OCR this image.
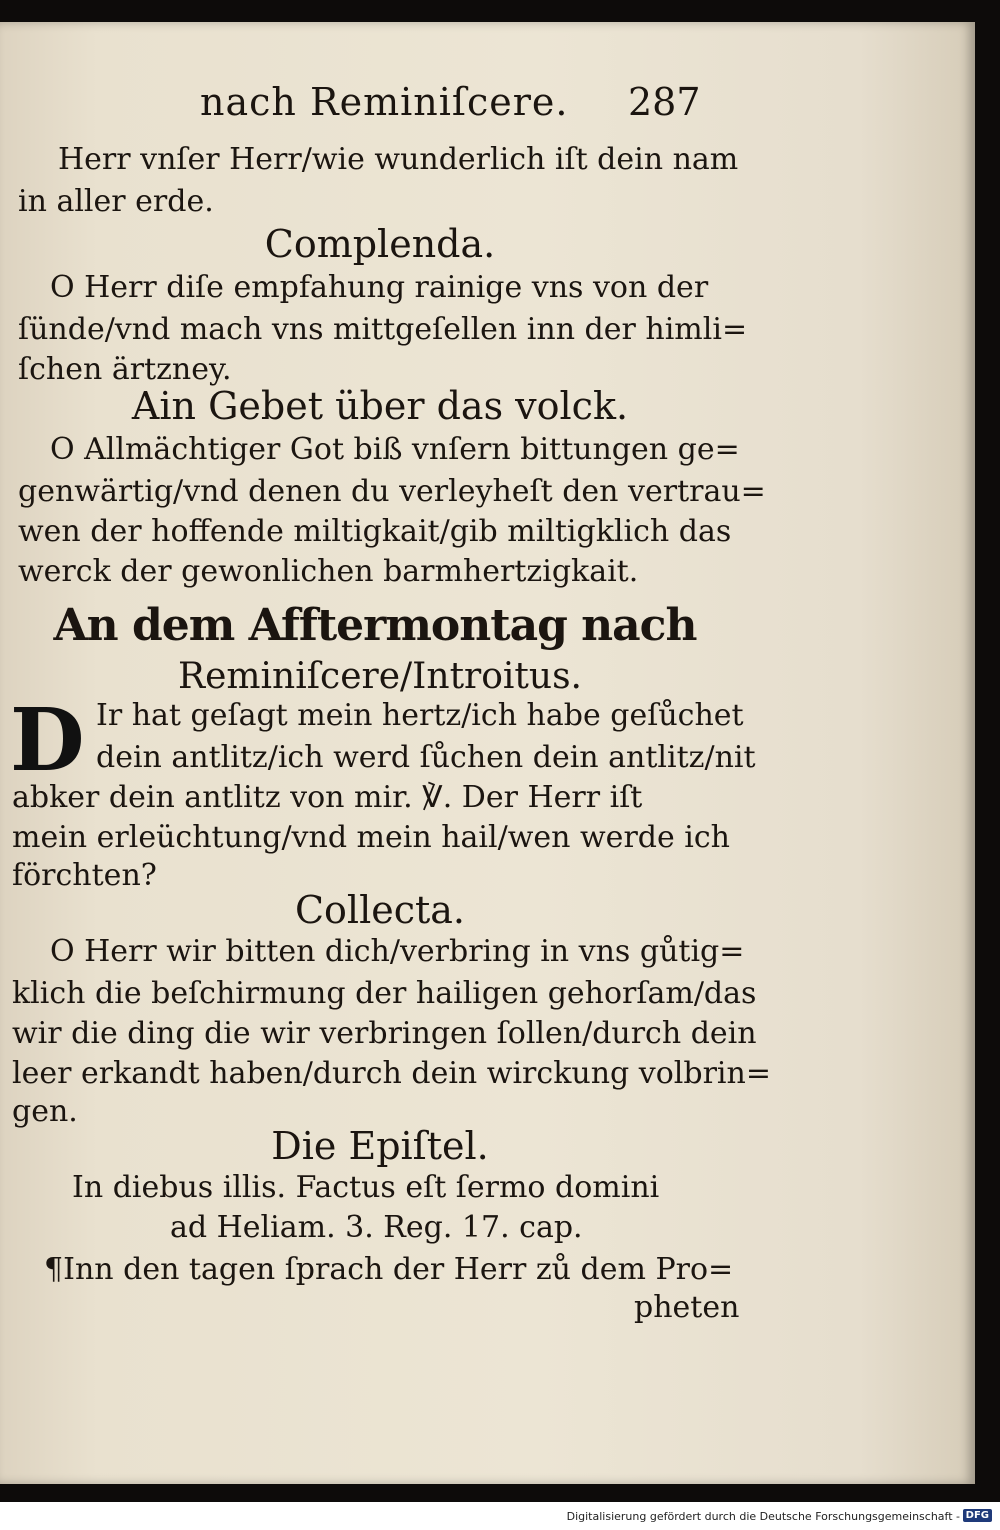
nach Reminiſcere. 287
Herr vnſer Herr/wie wunderlich iſt dein nam
in aller erde.
Complenda.
O Herr diſe empfahung rainige vns von der
ſünde/vnd mach vns mittgeſellen inn der himli=
ſchen ärtzney.
Ain Gebet über das volck.
O Allmächtiger Got biß vnſern bittungen ge=
genwärtig/vnd denen du verleyheſt den vertrau=
wen der hoffende miltigkait/gib miltigklich das
werck der gewonlichen barmhertzigkait.
An dem Afftermontag nach
Reminiſcere/Introitus.
D Ir hat geſagt mein hertz/ich habe geſůchet
dein antlitz/ich werd ſůchen dein antlitz/nit
abker dein antlitz von mir. ℣. Der Herr iſt
mein erleüchtung/vnd mein hail/wen werde ich
förchten?
Collecta.
O Herr wir bitten dich/verbring in vns gůtig=
klich die beſchirmung der hailigen gehorſam/das
wir die ding die wir verbringen ſollen/durch dein
leer erkandt haben/durch dein wirckung volbrin=
gen.
Die Epiſtel.
In diebus illis. Factus eſt ſermo domini
ad Heliam. 3. Reg. 17. cap.
¶Inn den tagen ſprach der Herr zů dem Pro=
pheten
Digitalisierung gefördert durch die Deutsche Forschungsgemeinschaft - DFG
